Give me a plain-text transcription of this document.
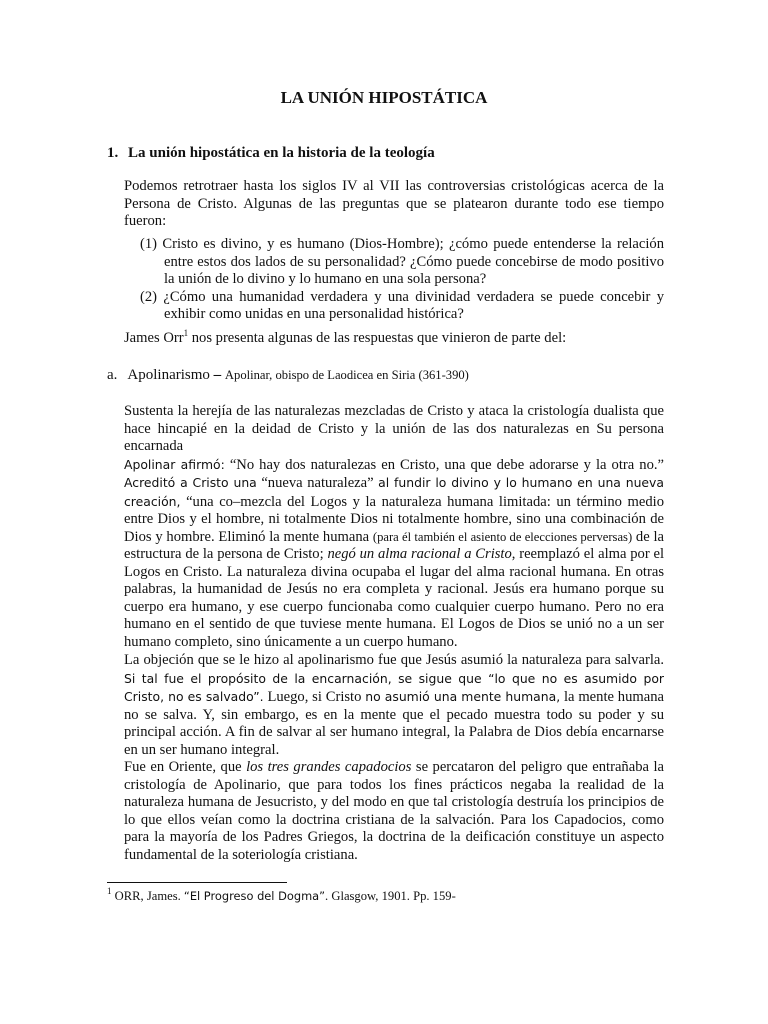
LA UNIÓN HIPOSTÁTICA
1. La unión hipostática en la historia de la teología

Podemos retrotraer hasta los siglos IV al VII las controversias cristológicas acerca de la Persona de Cristo. Algunas de las preguntas que se platearon durante todo ese tiempo fueron:

(1) Cristo es divino, y es humano (Dios-Hombre); ¿cómo puede entenderse la relación entre estos dos lados de su personalidad? ¿Cómo puede concebirse de modo positivo la unión de lo divino y lo humano en una sola persona?
(2) ¿Cómo una humanidad verdadera y una divinidad verdadera se puede concebir y exhibir como unidas en una personalidad histórica?

James Orr$^1$ nos presenta algunas de las respuestas que vinieron de parte del:

a. Apolinarismo – Apolinar, obispo de Laodicea en Siria (361-390)
Sustenta la herejía de las naturalezas mezcladas de Cristo y ataca la cristología dualista que hace hincapié en la deidad de Cristo y la unión de las dos naturalezas en Su persona encarnada
Apolinar afirmó: “No hay dos naturalezas en Cristo, una que debe adorarse y la otra no.” Acreditó a Cristo una “nueva naturaleza” al fundir lo divino y lo humano en una nueva creación, “una co–mezcla del Logos y la naturaleza humana limitada: un término medio entre Dios y el hombre, ni totalmente Dios ni totalmente hombre, sino una combinación de Dios y hombre. Eliminó la mente humana (para él también el asiento de elecciones perversas) de la estructura de la persona de Cristo; negó un alma racional a Cristo, reemplazó el alma por el Logos en Cristo. La naturaleza divina ocupaba el lugar del alma racional humana. En otras palabras, la humanidad de Jesús no era completa y racional. Jesús era humano porque su cuerpo era humano, y ese cuerpo funcionaba como cualquier cuerpo humano. Pero no era humano en el sentido de que tuviese mente humana. El Logos de Dios se unió no a un ser humano completo, sino únicamente a un cuerpo humano.
La objeción que se le hizo al apolinarismo fue que Jesús asumió la naturaleza para salvarla. Si tal fue el propósito de la encarnación, se sigue que “lo que no es asumido por Cristo, no es salvado”. Luego, si Cristo no asumió una mente humana, la mente humana no se salva. Y, sin embargo, es en la mente que el pecado muestra todo su poder y su principal acción. A fin de salvar al ser humano integral, la Palabra de Dios debía encarnarse en un ser humano integral.
Fue en Oriente, que los tres grandes capadocios se percataron del peligro que entrañaba la cristología de Apolinario, que para todos los fines prácticos negaba la realidad de la naturaleza humana de Jesucristo, y del modo en que tal cristología destruía los principios de lo que ellos veían como la doctrina cristiana de la salvación. Para los Capadocios, como para la mayoría de los Padres Griegos, la doctrina de la deificación constituye un aspecto fundamental de la soteriología cristiana.
$^1$ ORR, James. “El Progreso del Dogma”. Glasgow, 1901. Pp. 159-
